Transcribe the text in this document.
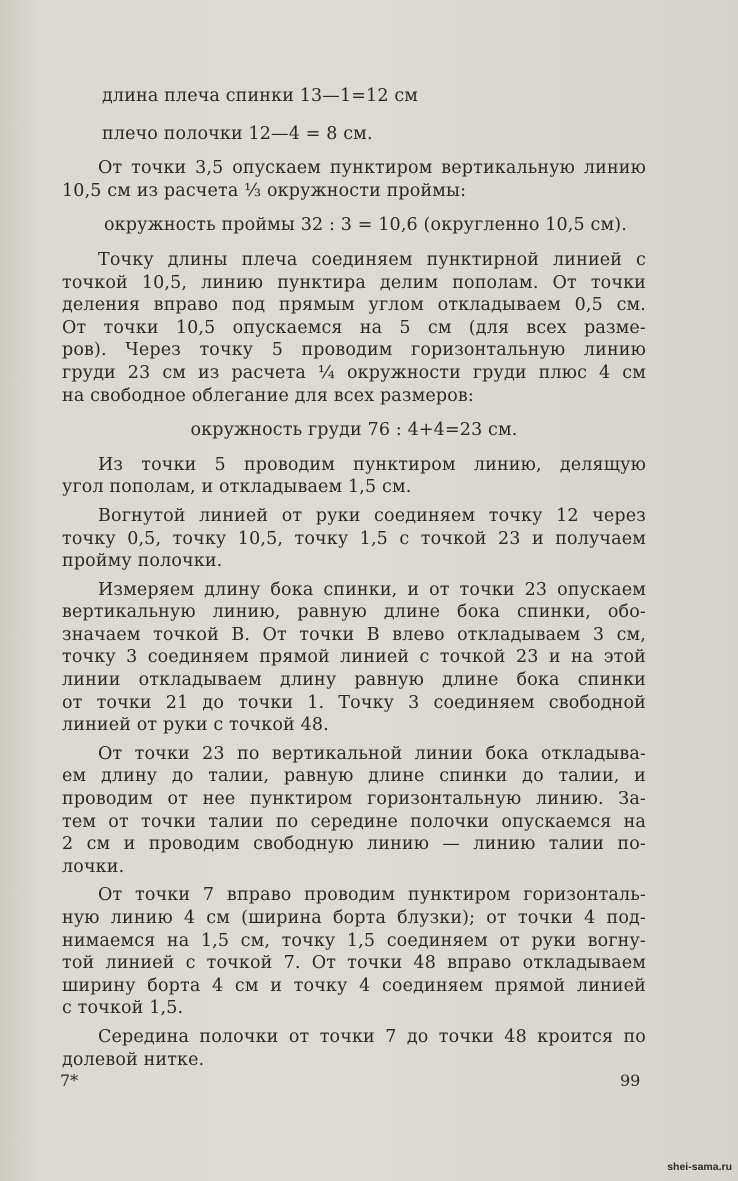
длина плеча спинки 13—1=12 см
плечо полочки 12—4 = 8 см.
От точки 3,5 опускаем пунктиром вертикальную линию 10,5 см из расчета ⅓ окружности проймы:
окружность проймы 32 : 3 = 10,6 (округленно 10,5 см).
Точку длины плеча соединяем пунктирной линией с
точкой 10,5, линию пунктира делим пополам. От точки
деления вправо под прямым углом откладываем 0,5 см.
От точки 10,5 опускаемся на 5 см (для всех разме-
ров). Через точку 5 проводим горизонтальную линию
груди 23 см из расчета ¼ окружности груди плюс 4 см
на свободное облегание для всех размеров:
окружность груди 76 : 4+4=23 см.
Из точки 5 проводим пунктиром линию, делящую
угол пополам, и откладываем 1,5 см.
Вогнутой линией от руки соединяем точку 12 через
точку 0,5, точку 10,5, точку 1,5 с точкой 23 и получаем
пройму полочки.
Измеряем длину бока спинки, и от точки 23 опускаем
вертикальную линию, равную длине бока спинки, обо-
значаем точкой B. От точки B влево откладываем 3 см,
точку 3 соединяем прямой линией с точкой 23 и на этой
линии откладываем длину равную длине бока спинки
от точки 21 до точки 1. Точку 3 соединяем свободной
линией от руки с точкой 48.
От точки 23 по вертикальной линии бока откладыва-
ем длину до талии, равную длине спинки до талии, и
проводим от нее пунктиром горизонтальную линию. За-
тем от точки талии по середине полочки опускаемся на
2 см и проводим свободную линию — линию талии по-
лочки.
От точки 7 вправо проводим пунктиром горизонталь-
ную линию 4 см (ширина борта блузки); от точки 4 под-
нимаемся на 1,5 см, точку 1,5 соединяем от руки вогну-
той линией с точкой 7. От точки 48 вправо откладываем
ширину борта 4 см и точку 4 соединяем прямой линией
с точкой 1,5.
Середина полочки от точки 7 до точки 48 кроится по
долевой нитке.
7*	99
shei-sama.ru
